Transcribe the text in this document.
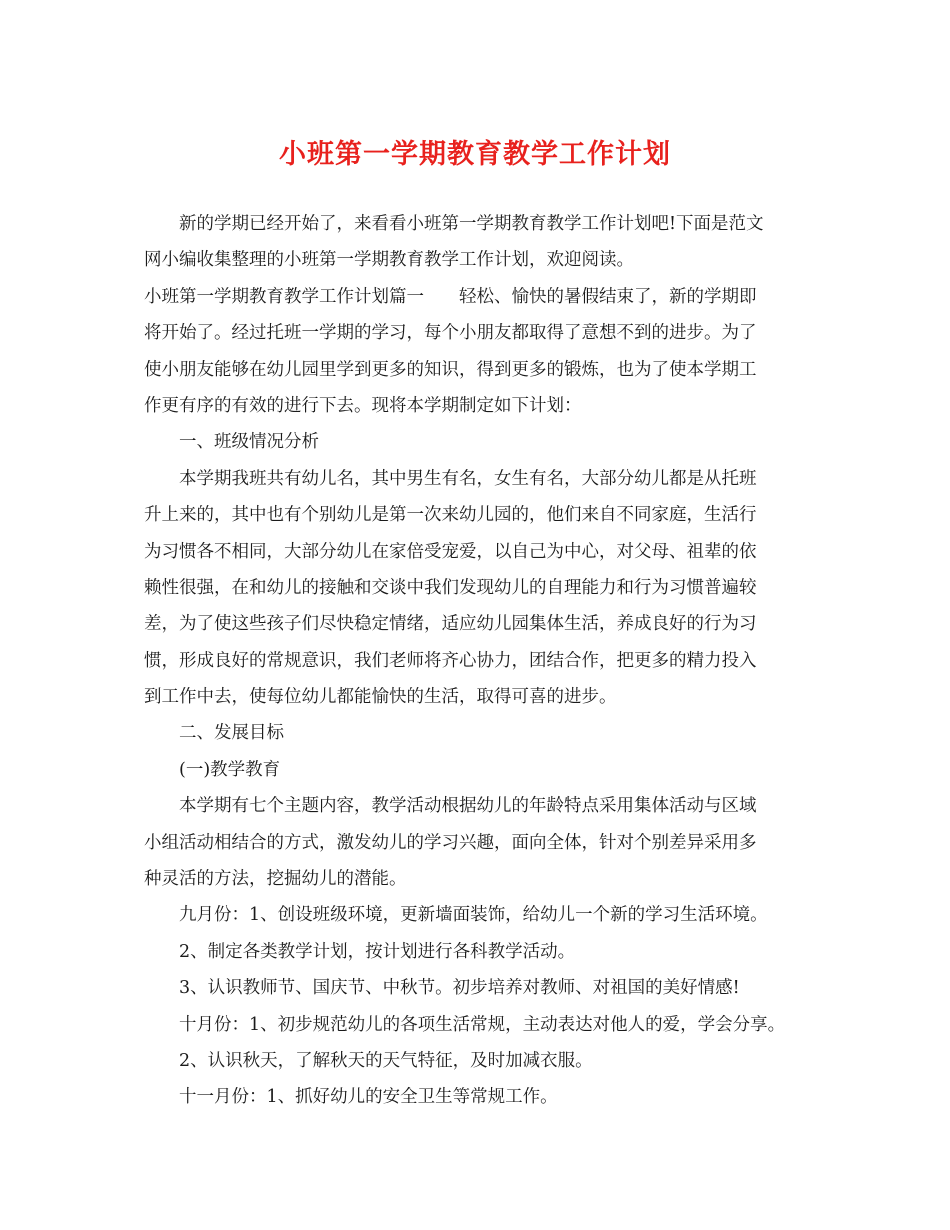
小班第一学期教育教学工作计划
新的学期已经开始了，来看看小班第一学期教育教学工作计划吧!下面是范文
网小编收集整理的小班第一学期教育教学工作计划，欢迎阅读。
小班第一学期教育教学工作计划篇一　　轻松、愉快的暑假结束了，新的学期即
将开始了。经过托班一学期的学习，每个小朋友都取得了意想不到的进步。为了
使小朋友能够在幼儿园里学到更多的知识，得到更多的锻炼，也为了使本学期工
作更有序的有效的进行下去。现将本学期制定如下计划：
一、班级情况分析
本学期我班共有幼儿名，其中男生有名，女生有名，大部分幼儿都是从托班
升上来的，其中也有个别幼儿是第一次来幼儿园的，他们来自不同家庭，生活行
为习惯各不相同，大部分幼儿在家倍受宠爱，以自己为中心，对父母、祖辈的依
赖性很强，在和幼儿的接触和交谈中我们发现幼儿的自理能力和行为习惯普遍较
差，为了使这些孩子们尽快稳定情绪，适应幼儿园集体生活，养成良好的行为习
惯，形成良好的常规意识，我们老师将齐心协力，团结合作，把更多的精力投入
到工作中去，使每位幼儿都能愉快的生活，取得可喜的进步。
二、发展目标
(一)教学教育
本学期有七个主题内容，教学活动根据幼儿的年龄特点采用集体活动与区域
小组活动相结合的方式，激发幼儿的学习兴趣，面向全体，针对个别差异采用多
种灵活的方法，挖掘幼儿的潜能。
九月份：1、创设班级环境，更新墙面装饰，给幼儿一个新的学习生活环境。
2、制定各类教学计划，按计划进行各科教学活动。
3、认识教师节、国庆节、中秋节。初步培养对教师、对祖国的美好情感!
十月份：1、初步规范幼儿的各项生活常规，主动表达对他人的爱，学会分享。
2、认识秋天，了解秋天的天气特征，及时加减衣服。
十一月份：1、抓好幼儿的安全卫生等常规工作。
